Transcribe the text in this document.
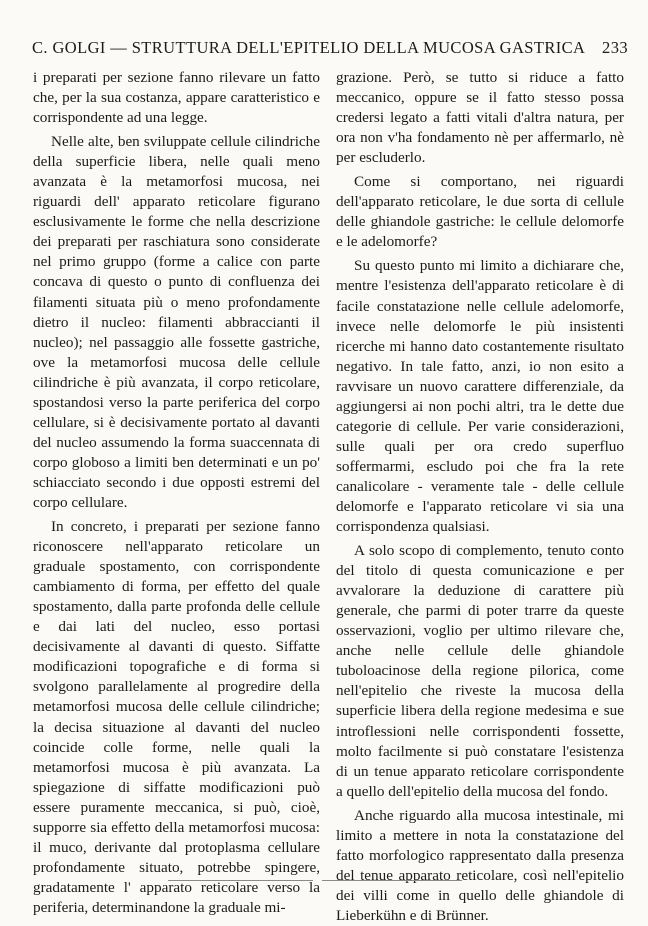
C. GOLGI — STRUTTURA DELL'EPITELIO DELLA MUCOSA GASTRICA 233

i preparati per sezione fanno rilevare un fatto che, per la sua costanza, appare caratteristico e corrispondente ad una legge.

Nelle alte, ben sviluppate cellule cilindriche della superficie libera, nelle quali meno avanzata è la metamorfosi mucosa, nei riguardi dell' apparato reticolare figurano esclusivamente le forme che nella descrizione dei preparati per raschiatura sono considerate nel primo gruppo (forme a calice con parte concava di questo o punto di confluenza dei filamenti situata più o meno profondamente dietro il nucleo: filamenti abbraccianti il nucleo); nel passaggio alle fossette gastriche, ove la metamorfosi mucosa delle cellule cilindriche è più avanzata, il corpo reticolare, spostandosi verso la parte periferica del corpo cellulare, si è decisivamente portato al davanti del nucleo assumendo la forma suaccennata di corpo globoso a limiti ben determinati e un po' schiacciato secondo i due opposti estremi del corpo cellulare.

In concreto, i preparati per sezione fanno riconoscere nell'apparato reticolare un graduale spostamento, con corrispondente cambiamento di forma, per effetto del quale spostamento, dalla parte profonda delle cellule e dai lati del nucleo, esso portasi decisivamente al davanti di questo. Siffatte modificazioni topografiche e di forma si svolgono parallelamente al progredire della metamorfosi mucosa delle cellule cilindriche; la decisa situazione al davanti del nucleo coincide colle forme, nelle quali la metamorfosi mucosa è più avanzata. La spiegazione di siffatte modificazioni può essere puramente meccanica, si può, cioè, supporre sia effetto della metamorfosi mucosa: il muco, derivante dal protoplasma cellulare profondamente situato, potrebbe spingere, gradatamente l' apparato reticolare verso la periferia, determinandone la graduale mi-

grazione. Però, se tutto si riduce a fatto meccanico, oppure se il fatto stesso possa credersi legato a fatti vitali d'altra natura, per ora non v'ha fondamento nè per affermarlo, nè per escluderlo.

Come si comportano, nei riguardi dell'apparato reticolare, le due sorta di cellule delle ghiandole gastriche: le cellule delomorfe e le adelomorfe?

Su questo punto mi limito a dichiarare che, mentre l'esistenza dell'apparato reticolare è di facile constatazione nelle cellule adelomorfe, invece nelle delomorfe le più insistenti ricerche mi hanno dato costantemente risultato negativo. In tale fatto, anzi, io non esito a ravvisare un nuovo carattere differenziale, da aggiungersi ai non pochi altri, tra le dette due categorie di cellule. Per varie considerazioni, sulle quali per ora credo superfluo soffermarmi, escludo poi che fra la rete canalicolare - veramente tale - delle cellule delomorfe e l'apparato reticolare vi sia una corrispondenza qualsiasi.

A solo scopo di complemento, tenuto conto del titolo di questa comunicazione e per avvalorare la deduzione di carattere più generale, che parmi di poter trarre da queste osservazioni, voglio per ultimo rilevare che, anche nelle cellule delle ghiandole tuboloacinose della regione pilorica, come nell'epitelio che riveste la mucosa della superficie libera della regione medesima e sue introflessioni nelle corrispondenti fossette, molto facilmente si può constatare l'esistenza di un tenue apparato reticolare corrispondente a quello dell'epitelio della mucosa del fondo.

Anche riguardo alla mucosa intestinale, mi limito a mettere in nota la constatazione del fatto morfologico rappresentato dalla presenza del tenue apparato reticolare, così nell'epitelio dei villi come in quello delle ghiandole di Lieberkühn e di Brünner.
